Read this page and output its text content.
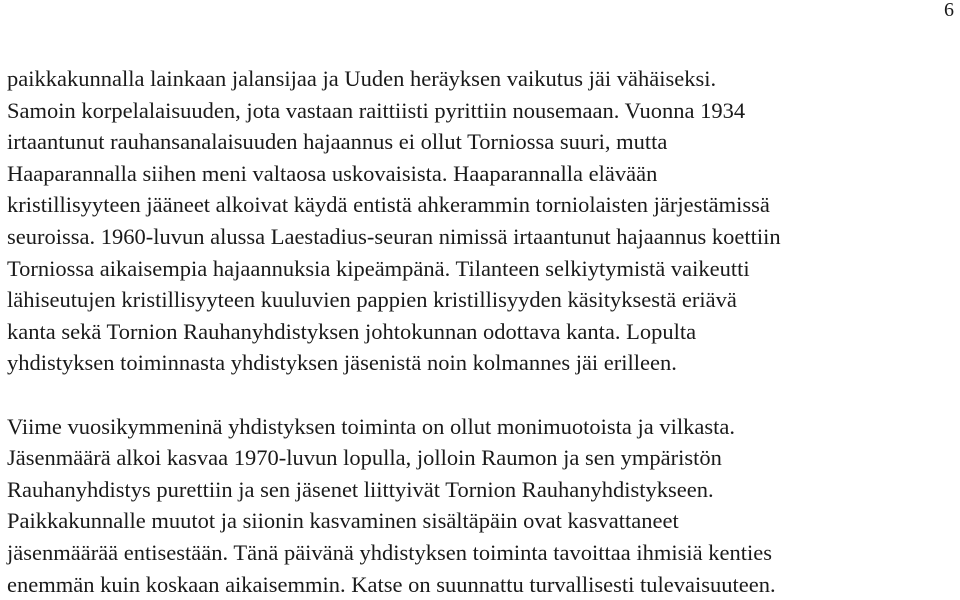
6

paikkakunnalla lainkaan jalansijaa ja Uuden heräyksen vaikutus jäi vähäiseksi.
Samoin korpelalaisuuden, jota vastaan raittiisti pyrittiin nousemaan. Vuonna 1934
irtaantunut rauhansanalaisuuden hajaannus ei ollut Torniossa suuri, mutta
Haaparannalla siihen meni valtaosa uskovaisista. Haaparannalla elävään
kristillisyyteen jääneet alkoivat käydä entistä ahkerammin torniolaisten järjestämissä
seuroissa. 1960-luvun alussa Laestadius-seuran nimissä irtaantunut hajaannus koettiin
Torniossa aikaisempia hajaannuksia kipeämpänä. Tilanteen selkiytymistä vaikeutti
lähiseutujen kristillisyyteen kuuluvien pappien kristillisyyden käsityksestä eriävä
kanta sekä Tornion Rauhanyhdistyksen johtokunnan odottava kanta. Lopulta
yhdistyksen toiminnasta yhdistyksen jäsenistä noin kolmannes jäi erilleen.

Viime vuosikymmeninä yhdistyksen toiminta on ollut monimuotoista ja vilkasta.
Jäsenmäärä alkoi kasvaa 1970-luvun lopulla, jolloin Raumon ja sen ympäristön
Rauhanyhdistys purettiin ja sen jäsenet liittyivät Tornion Rauhanyhdistykseen.
Paikkakunnalle muutot ja siionin kasvaminen sisältäpäin ovat kasvattaneet
jäsenmäärää entisestään. Tänä päivänä yhdistyksen toiminta tavoittaa ihmisiä kenties
enemmän kuin koskaan aikaisemmin. Katse on suunnattu turvallisesti tulevaisuuteen.
